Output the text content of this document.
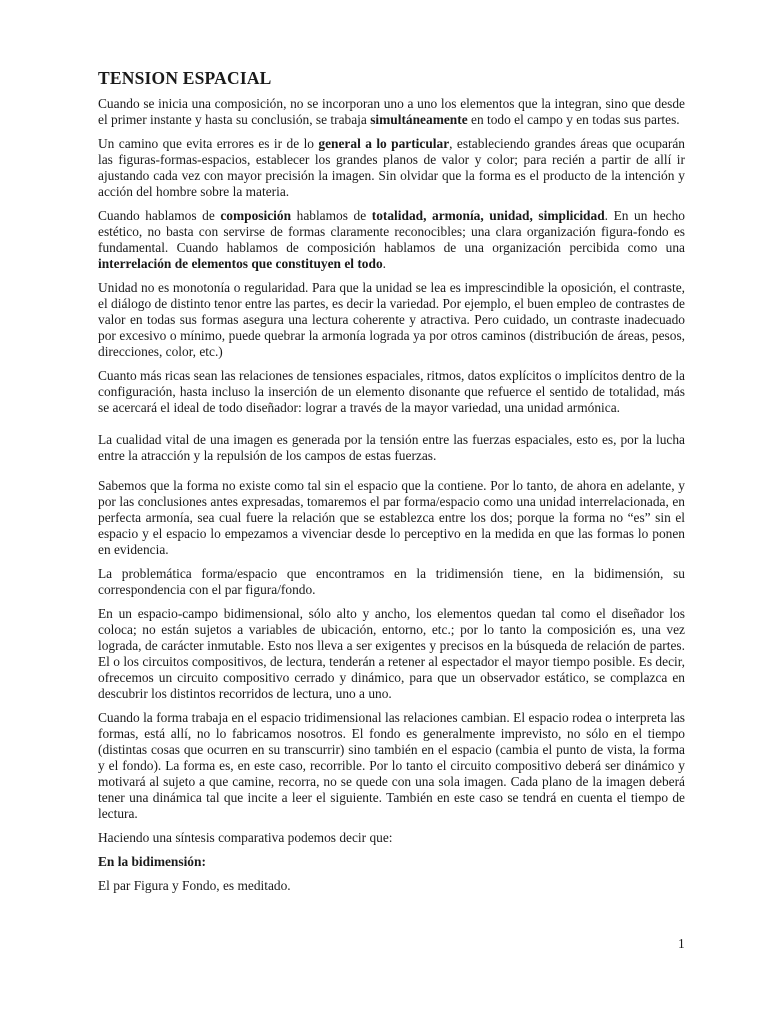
TENSION ESPACIAL

Cuando se inicia una composición, no se incorporan uno a uno los elementos que la integran, sino que desde el primer instante y hasta su conclusión, se trabaja simultáneamente en todo el campo y en todas sus partes.

Un camino que evita errores es ir de lo general a lo particular, estableciendo grandes áreas que ocuparán las figuras-formas-espacios, establecer los grandes planos de valor y color; para recién a partir de allí ir ajustando cada vez con mayor precisión la imagen. Sin olvidar que la forma es el producto de la intención y acción del hombre sobre la materia.

Cuando hablamos de composición hablamos de totalidad, armonía, unidad, simplicidad. En un hecho estético, no basta con servirse de formas claramente reconocibles; una clara organización figura-fondo es fundamental. Cuando hablamos de composición hablamos de una organización percibida como una interrelación de elementos que constituyen el todo.

Unidad no es monotonía o regularidad. Para que la unidad se lea es imprescindible la oposición, el contraste, el diálogo de distinto tenor entre las partes, es decir la variedad. Por ejemplo, el buen empleo de contrastes de valor en todas sus formas asegura una lectura coherente y atractiva. Pero cuidado, un contraste inadecuado por excesivo o mínimo, puede quebrar la armonía lograda ya por otros caminos (distribución de áreas, pesos, direcciones, color, etc.)

Cuanto más ricas sean las relaciones de tensiones espaciales, ritmos, datos explícitos o implícitos dentro de la configuración, hasta incluso la inserción de un elemento disonante que refuerce el sentido de totalidad, más se acercará el ideal de todo diseñador: lograr a través de la mayor variedad, una unidad armónica.

La cualidad vital de una imagen es generada por la tensión entre las fuerzas espaciales, esto es, por la lucha entre la atracción y la repulsión de los campos de estas fuerzas.

Sabemos que la forma no existe como tal sin el espacio que la contiene. Por lo tanto, de ahora en adelante, y por las conclusiones antes expresadas, tomaremos el par forma/espacio como una unidad interrelacionada, en perfecta armonía, sea cual fuere la relación que se establezca entre los dos; porque la forma no “es” sin el espacio y el espacio lo empezamos a vivenciar desde lo perceptivo en la medida en que las formas lo ponen en evidencia.

La problemática forma/espacio que encontramos en la tridimensión tiene, en la bidimensión, su correspondencia con el par figura/fondo.

En un espacio-campo bidimensional, sólo alto y ancho, los elementos quedan tal como el diseñador los coloca; no están sujetos a variables de ubicación, entorno, etc.; por lo tanto la composición es, una vez lograda, de carácter inmutable. Esto nos lleva a ser exigentes y precisos en la búsqueda de relación de partes. El o los circuitos compositivos, de lectura, tenderán a retener al espectador el mayor tiempo posible. Es decir, ofrecemos un circuito compositivo cerrado y dinámico, para que un observador estático, se complazca en descubrir los distintos recorridos de lectura, uno a uno.

Cuando la forma trabaja en el espacio tridimensional las relaciones cambian. El espacio rodea o interpreta las formas, está allí, no lo fabricamos nosotros. El fondo es generalmente imprevisto, no sólo en el tiempo (distintas cosas que ocurren en su transcurrir) sino también en el espacio (cambia el punto de vista, la forma y el fondo). La forma es, en este caso, recorrible. Por lo tanto el circuito compositivo deberá ser dinámico y motivará al sujeto a que camine, recorra, no se quede con una sola imagen. Cada plano de la imagen deberá tener una dinámica tal que incite a leer el siguiente. También en este caso se tendrá en cuenta el tiempo de lectura.

Haciendo una síntesis comparativa podemos decir que:

En la bidimensión:

El par Figura y Fondo, es meditado.

1
